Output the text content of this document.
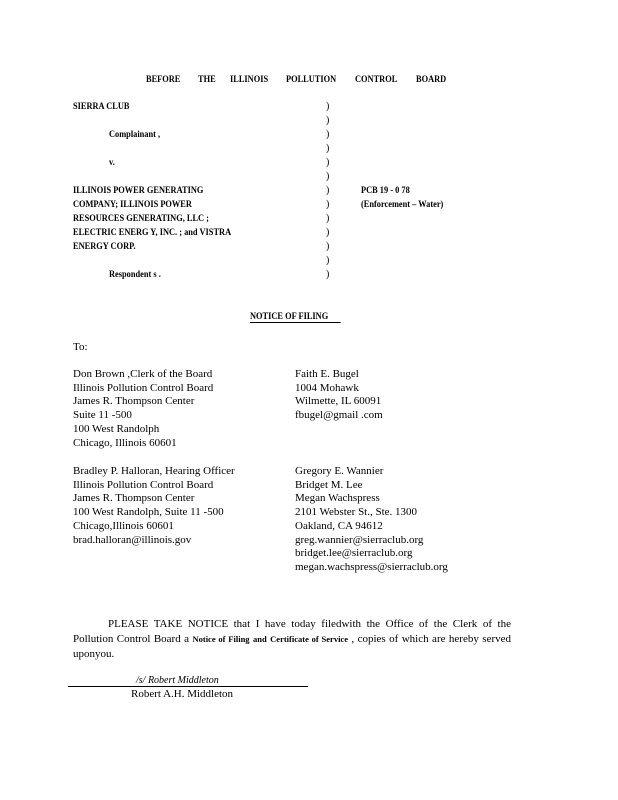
BEFORE THE ILLINOIS POLLUTION CONTROL BOARD
SIERRA CLUB
Complainant ,
v.
ILLINOIS POWER GENERATING
COMPANY; ILLINOIS POWER
RESOURCES GENERATING, LLC ;
ELECTRIC ENERG Y, INC. ; and VISTRA
ENERGY CORP.
Respondent s .
)
)
)
)
)
)
)
)
)
)
)
)
)
PCB 19 - 0 78
(Enforcement – Water)
NOTICE OF FILING
To:
Don Brown ,Clerk of the Board
Illinois Pollution Control Board
James R. Thompson Center
Suite 11 -500
100 West Randolph
Chicago, Illinois 60601
Faith E. Bugel
1004 Mohawk
Wilmette, IL 60091
fbugel@gmail .com
Bradley P. Halloran, Hearing Officer
Illinois Pollution Control Board
James R. Thompson Center
100 West Randolph, Suite 11 -500
Chicago,Illinois 60601
brad.halloran@illinois.gov
Gregory E. Wannier
Bridget M. Lee
Megan Wachspress
2101 Webster St., Ste. 1300
Oakland, CA 94612
greg.wannier@sierraclub.org
bridget.lee@sierraclub.org
megan.wachspress@sierraclub.org
PLEASE TAKE NOTICE that I have today filedwith the Office of the Clerk of the Pollution Control Board a Notice of Filing and Certificate of Service , copies of which are hereby served uponyou.
/s/ Robert Middleton
Robert A.H. Middleton
